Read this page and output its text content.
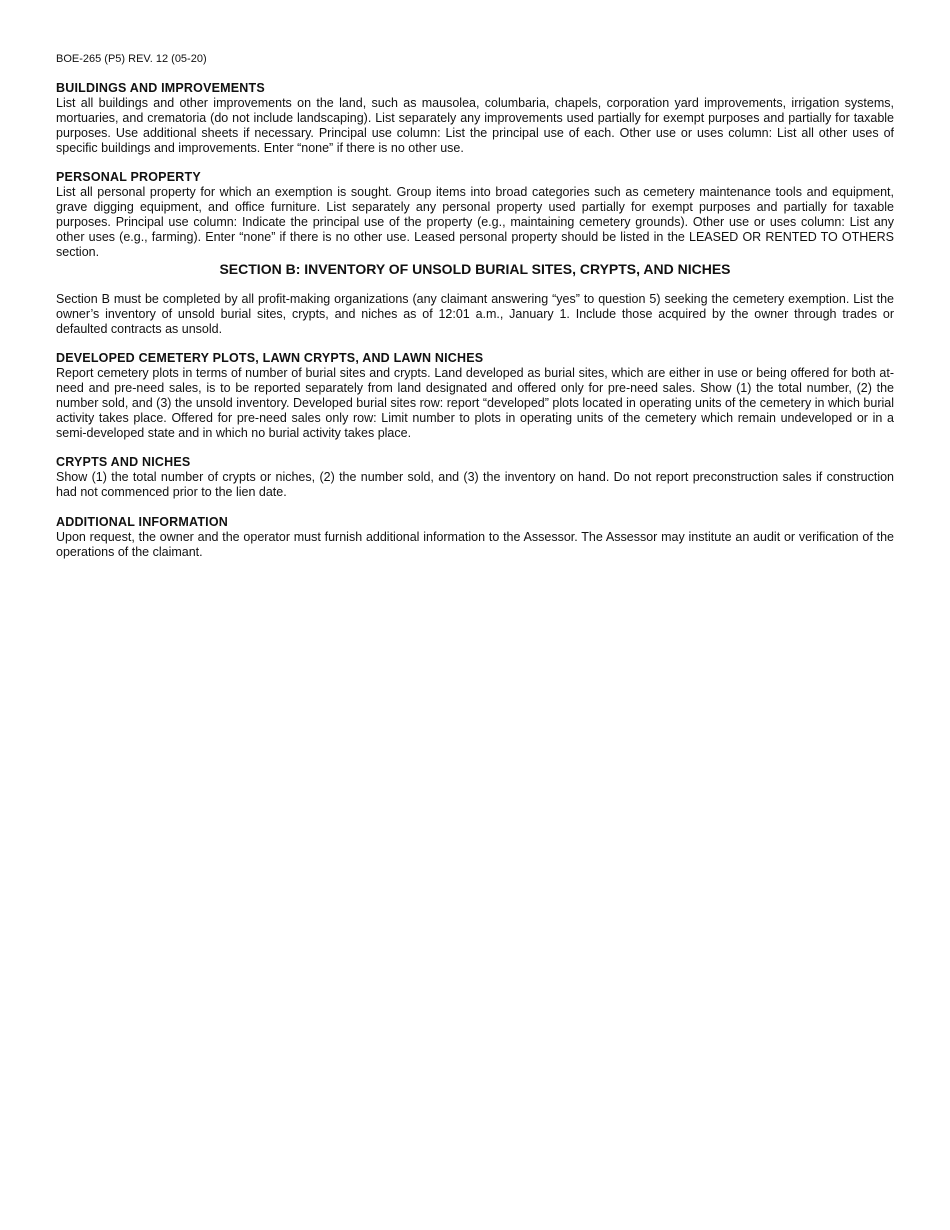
BOE-265 (P5) REV. 12 (05-20)
BUILDINGS AND IMPROVEMENTS

List all buildings and other improvements on the land, such as mausolea, columbaria, chapels, corporation yard improvements, irrigation systems, mortuaries, and crematoria (do not include landscaping). List separately any improvements used partially for exempt purposes and partially for taxable purposes. Use additional sheets if necessary. Principal use column: List the principal use of each. Other use or uses column: List all other uses of specific buildings and improvements. Enter “none” if there is no other use.

PERSONAL PROPERTY

List all personal property for which an exemption is sought. Group items into broad categories such as cemetery maintenance tools and equipment, grave digging equipment, and office furniture. List separately any personal property used partially for exempt purposes and partially for taxable purposes. Principal use column: Indicate the principal use of the property (e.g., maintaining cemetery grounds). Other use or uses column: List any other uses (e.g., farming). Enter “none” if there is no other use. Leased personal property should be listed in the LEASED OR RENTED TO OTHERS section.

SECTION B: INVENTORY OF UNSOLD BURIAL SITES, CRYPTS, AND NICHES

Section B must be completed by all profit-making organizations (any claimant answering “yes” to question 5) seeking the cemetery exemption. List the owner’s inventory of unsold burial sites, crypts, and niches as of 12:01 a.m., January 1. Include those acquired by the owner through trades or defaulted contracts as unsold.

DEVELOPED CEMETERY PLOTS, LAWN CRYPTS, AND LAWN NICHES

Report cemetery plots in terms of number of burial sites and crypts. Land developed as burial sites, which are either in use or being offered for both at-need and pre-need sales, is to be reported separately from land designated and offered only for pre-need sales. Show (1) the total number, (2) the number sold, and (3) the unsold inventory. Developed burial sites row: report “developed” plots located in operating units of the cemetery in which burial activity takes place. Offered for pre-need sales only row: Limit number to plots in operating units of the cemetery which remain undeveloped or in a semi-developed state and in which no burial activity takes place.

CRYPTS AND NICHES

Show (1) the total number of crypts or niches, (2) the number sold, and (3) the inventory on hand. Do not report preconstruction sales if construction had not commenced prior to the lien date.

ADDITIONAL INFORMATION

Upon request, the owner and the operator must furnish additional information to the Assessor. The Assessor may institute an audit or verification of the operations of the claimant.
